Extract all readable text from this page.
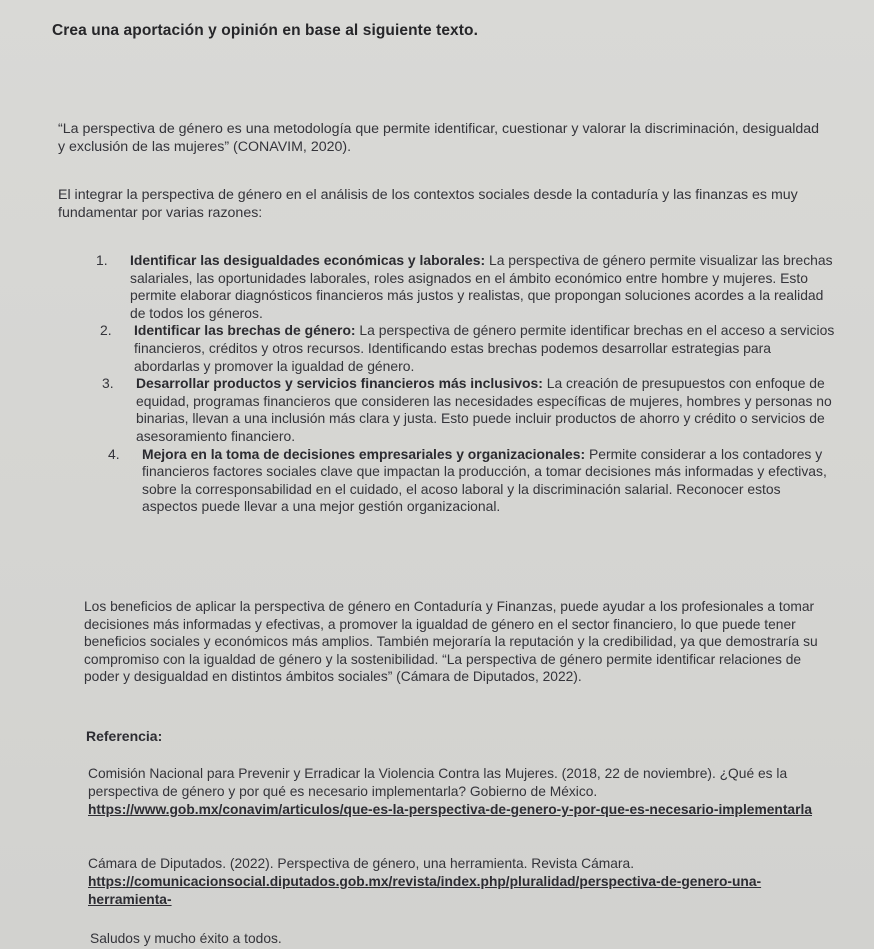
Crea una aportación y opinión en base al siguiente texto.
“La perspectiva de género es una metodología que permite identificar, cuestionar y valorar la discriminación, desigualdad y exclusión de las mujeres” (CONAVIM, 2020).
El integrar la perspectiva de género en el análisis de los contextos sociales desde la contaduría y las finanzas es muy fundamentar por varias razones:
1. Identificar las desigualdades económicas y laborales: La perspectiva de género permite visualizar las brechas salariales, las oportunidades laborales, roles asignados en el ámbito económico entre hombre y mujeres. Esto permite elaborar diagnósticos financieros más justos y realistas, que propongan soluciones acordes a la realidad de todos los géneros.
2. Identificar las brechas de género: La perspectiva de género permite identificar brechas en el acceso a servicios financieros, créditos y otros recursos. Identificando estas brechas podemos desarrollar estrategias para abordarlas y promover la igualdad de género.
3. Desarrollar productos y servicios financieros más inclusivos: La creación de presupuestos con enfoque de equidad, programas financieros que consideren las necesidades específicas de mujeres, hombres y personas no binarias, llevan a una inclusión más clara y justa. Esto puede incluir productos de ahorro y crédito o servicios de asesoramiento financiero.
4. Mejora en la toma de decisiones empresariales y organizacionales: Permite considerar a los contadores y financieros factores sociales clave que impactan la producción, a tomar decisiones más informadas y efectivas, sobre la corresponsabilidad en el cuidado, el acoso laboral y la discriminación salarial. Reconocer estos aspectos puede llevar a una mejor gestión organizacional.
Los beneficios de aplicar la perspectiva de género en Contaduría y Finanzas, puede ayudar a los profesionales a tomar decisiones más informadas y efectivas, a promover la igualdad de género en el sector financiero, lo que puede tener beneficios sociales y económicos más amplios. También mejoraría la reputación y la credibilidad, ya que demostraría su compromiso con la igualdad de género y la sostenibilidad. “La perspectiva de género permite identificar relaciones de poder y desigualdad en distintos ámbitos sociales” (Cámara de Diputados, 2022).
Referencia:
Comisión Nacional para Prevenir y Erradicar la Violencia Contra las Mujeres. (2018, 22 de noviembre). ¿Qué es la perspectiva de género y por qué es necesario implementarla? Gobierno de México. https://www.gob.mx/conavim/articulos/que-es-la-perspectiva-de-genero-y-por-que-es-necesario-implementarla
Cámara de Diputados. (2022). Perspectiva de género, una herramienta. Revista Cámara. https://comunicacionsocial.diputados.gob.mx/revista/index.php/pluralidad/perspectiva-de-genero-una-herramienta-
Saludos y mucho éxito a todos.
